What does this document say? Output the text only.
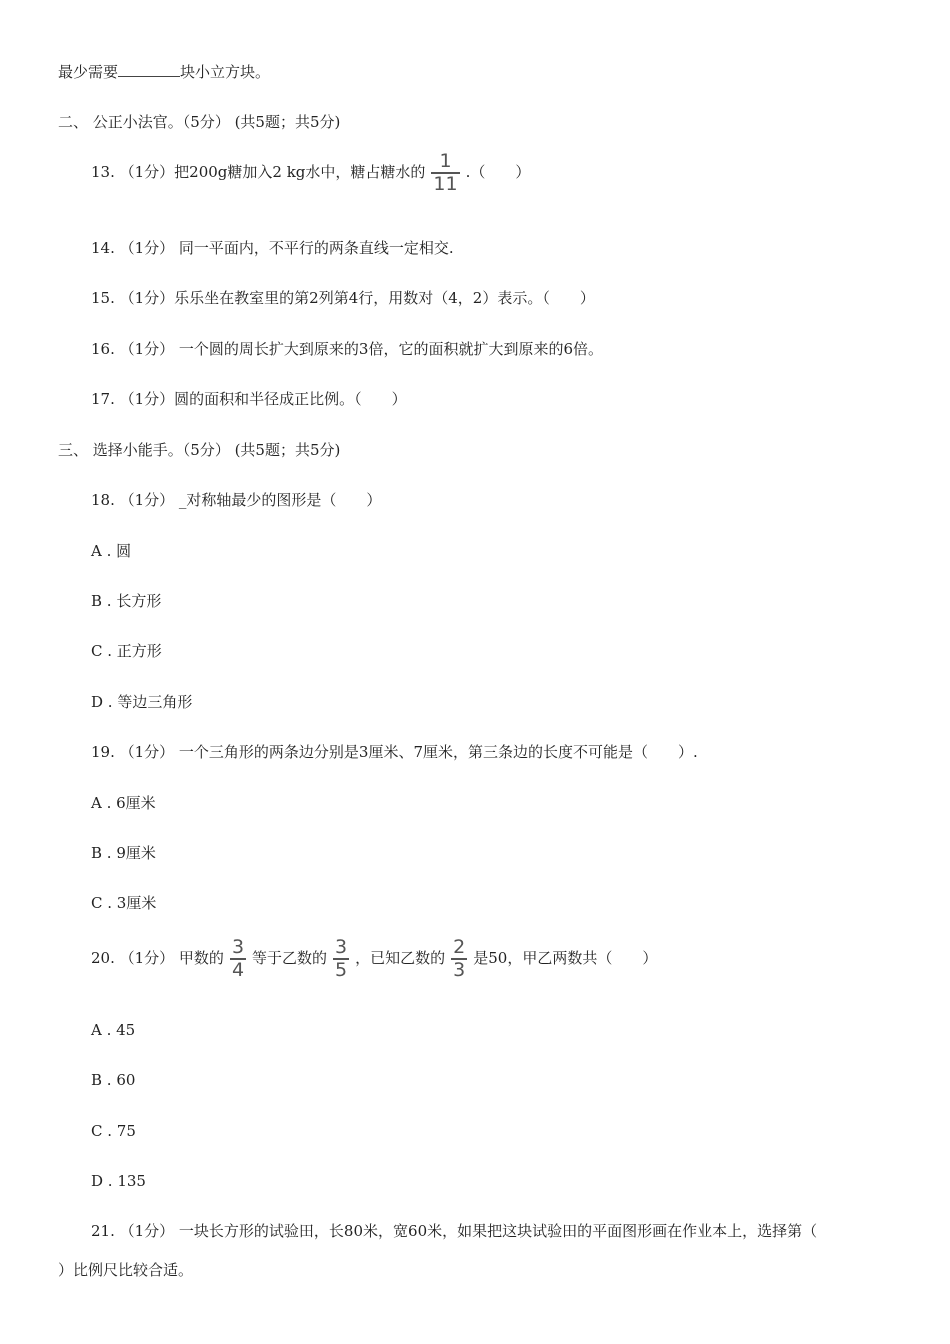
最少需要	块小立方块。
二、 公正小法官。（5分） (共5题；共5分)
13. （1分）把200g糖加入2 kg水中，糖占糖水的 $\frac{1}{11}$ .（　　）
14. （1分） 同一平面内，不平行的两条直线一定相交.
15. （1分）乐乐坐在教室里的第2列第4行，用数对（4，2）表示。（　　）
16. （1分） 一个圆的周长扩大到原来的3倍，它的面积就扩大到原来的6倍。
17. （1分）圆的面积和半径成正比例。（　　）
三、 选择小能手。（5分） (共5题；共5分)
18. （1分） _对称轴最少的图形是（　　）
A . 圆
B . 长方形
C . 正方形
D . 等边三角形
19. （1分） 一个三角形的两条边分别是3厘米、7厘米，第三条边的长度不可能是（　　）.
A . 6厘米
B . 9厘米
C . 3厘米
20. （1分） 甲数的 $\frac{3}{4}$ 等于乙数的 $\frac{3}{5}$ ，已知乙数的 $\frac{2}{3}$ 是50，甲乙两数共（　　）
A . 45
B . 60
C . 75
D . 135
21. （1分） 一块长方形的试验田，长80米，宽60米，如果把这块试验田的平面图形画在作业本上，选择第（
）比例尺比较合适。
